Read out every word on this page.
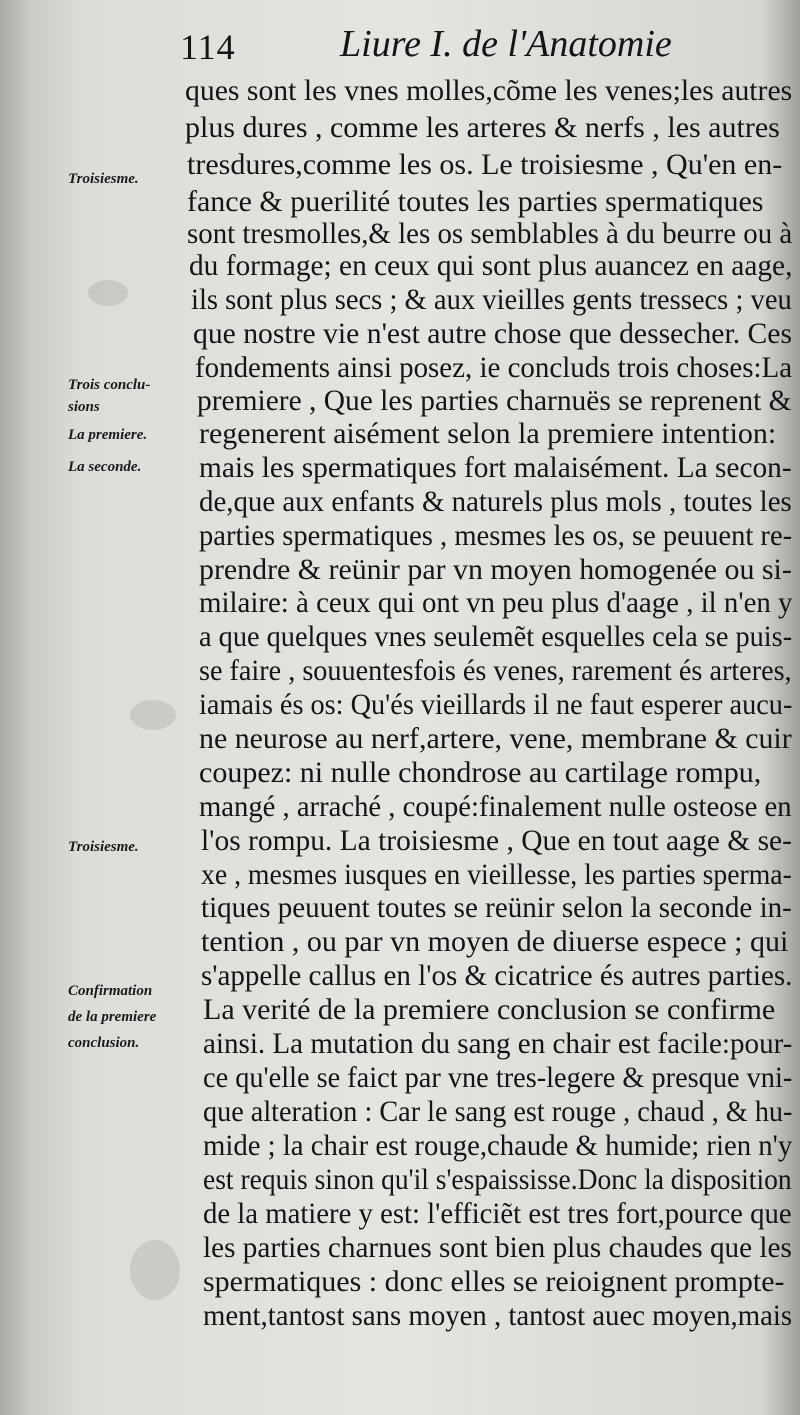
114	Liure I. de l'Anatomie
ques sont les vnes molles,cõme les venes;les autres
plus dures , comme les arteres & nerfs , les autres
tresdures,comme les os. Le troisiesme , Qu'en en-
fance & puerilité toutes les parties spermatiques
sont tresmolles,& les os semblables à du beurre ou à
du formage; en ceux qui sont plus auancez en aage,
ils sont plus secs ; & aux vieilles gents tressecs ; veu
que nostre vie n'est autre chose que dessecher. Ces
fondements ainsi posez, ie concluds trois choses:La
premiere , Que les parties charnuës se reprenent &
regenerent aisément selon la premiere intention:
mais les spermatiques fort malaisément. La secon-
de,que aux enfants & naturels plus mols , toutes les
parties spermatiques , mesmes les os, se peuuent re-
prendre & reünir par vn moyen homogenée ou si-
milaire: à ceux qui ont vn peu plus d'aage , il n'en y
a que quelques vnes seulemẽt esquelles cela se puis-
se faire , souuentesfois és venes, rarement és arteres,
iamais és os: Qu'és vieillards il ne faut esperer aucu-
ne neurose au nerf,artere, vene, membrane & cuir
coupez: ni nulle chondrose au cartilage rompu,
mangé , arraché , coupé:finalement nulle osteose en
l'os rompu. La troisiesme , Que en tout aage & se-
xe , mesmes iusques en vieillesse, les parties sperma-
tiques peuuent toutes se reünir selon la seconde in-
tention , ou par vn moyen de diuerse espece ; qui
s'appelle callus en l'os & cicatrice és autres parties.
La verité de la premiere conclusion se confirme
ainsi. La mutation du sang en chair est facile:pour-
ce qu'elle se faict par vne tres-legere & presque vni-
que alteration : Car le sang est rouge , chaud , & hu-
mide ; la chair est rouge,chaude & humide; rien n'y
est requis sinon qu'il s'espaississe.Donc la disposition
de la matiere y est: l'efficiẽt est tres fort,pource que
les parties charnues sont bien plus chaudes que les
spermatiques : donc elles se reioignent prompte-
ment,tantost sans moyen , tantost auec moyen,mais
Troisiesme.
Trois conclu-
sions
La premiere.
La seconde.
Troisiesme.
Confirmation
de la premiere
conclusion.
